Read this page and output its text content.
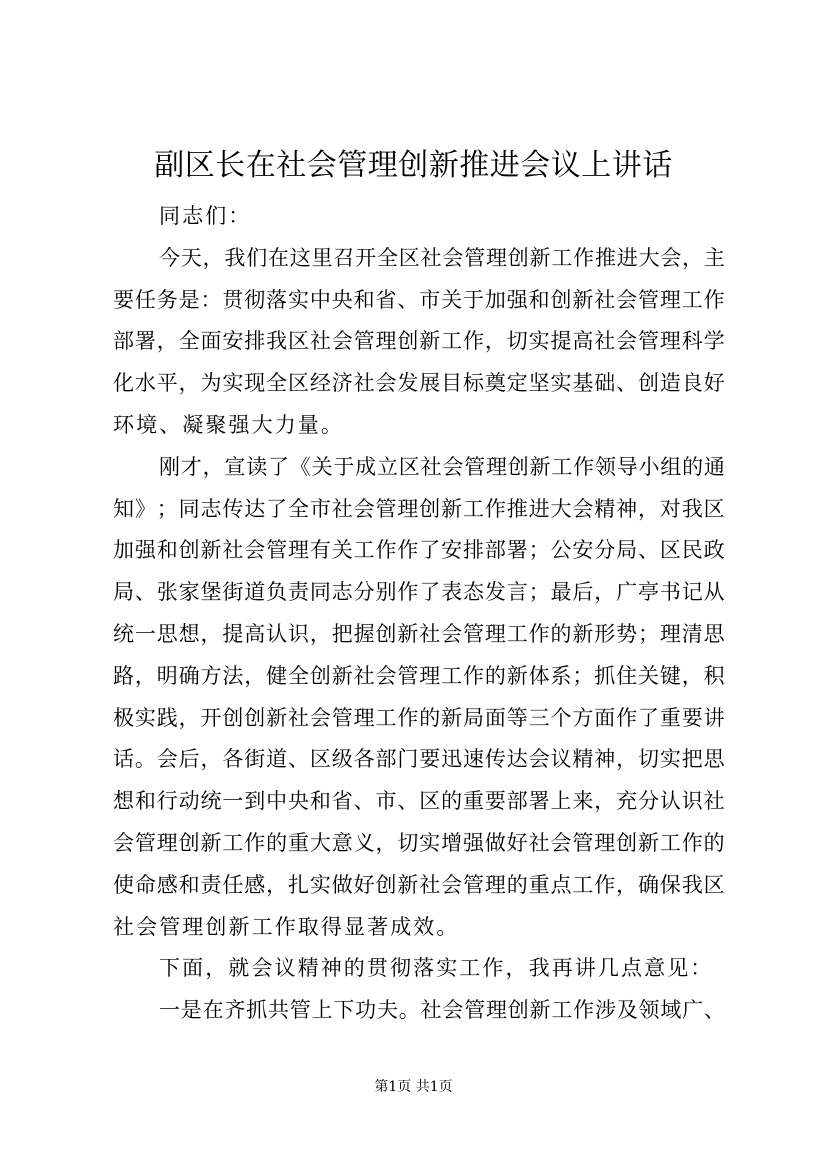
副区长在社会管理创新推进会议上讲话
同志们：
今 天 ， 我 们 在 这 里 召 开 全 区 社 会 管 理 创 新 工 作 推 进 大 会 ， 主
要 任 务 是 ： 贯 彻 落 实 中 央 和 省 、 市 关 于 加 强 和 创 新 社 会 管 理 工 作
部 署 ， 全 面 安 排 我 区 社 会 管 理 创 新 工 作 ， 切 实 提 高 社 会 管 理 科 学
化 水 平 ， 为 实 现 全 区 经 济 社 会 发 展 目 标 奠 定 坚 实 基 础 、 创 造 良 好
环境、凝聚强大力量。
刚 才 ， 宣 读 了 《 关 于 成 立 区 社 会 管 理 创 新 工 作 领 导 小 组 的 通
知 》 ； 同 志 传 达 了 全 市 社 会 管 理 创 新 工 作 推 进 大 会 精 神 ， 对 我 区
加 强 和 创 新 社 会 管 理 有 关 工 作 作 了 安 排 部 署 ； 公 安 分 局 、 区 民 政
局 、 张 家 堡 街 道 负 责 同 志 分 别 作 了 表 态 发 言 ； 最 后 ， 广 亭 书 记 从
统 一 思 想 ， 提 高 认 识 ， 把 握 创 新 社 会 管 理 工 作 的 新 形 势 ； 理 清 思
路 ， 明 确 方 法 ， 健 全 创 新 社 会 管 理 工 作 的 新 体 系 ； 抓 住 关 键 ， 积
极 实 践 ， 开 创 创 新 社 会 管 理 工 作 的 新 局 面 等 三 个 方 面 作 了 重 要 讲
话 。 会 后 ， 各 街 道 、 区 级 各 部 门 要 迅 速 传 达 会 议 精 神 ， 切 实 把 思
想 和 行 动 统 一 到 中 央 和 省 、 市 、 区 的 重 要 部 署 上 来 ， 充 分 认 识 社
会 管 理 创 新 工 作 的 重 大 意 义 ， 切 实 增 强 做 好 社 会 管 理 创 新 工 作 的
使 命 感 和 责 任 感 ， 扎 实 做 好 创 新 社 会 管 理 的 重 点 工 作 ， 确 保 我 区
社会管理创新工作取得显著成效。
下面，就会议精神的贯彻落实工作，我再讲几点意见：
一 是 在 齐 抓 共 管 上 下 功 夫 。 社 会 管 理 创 新 工 作 涉 及 领 域 广 、
第1页 共1页
